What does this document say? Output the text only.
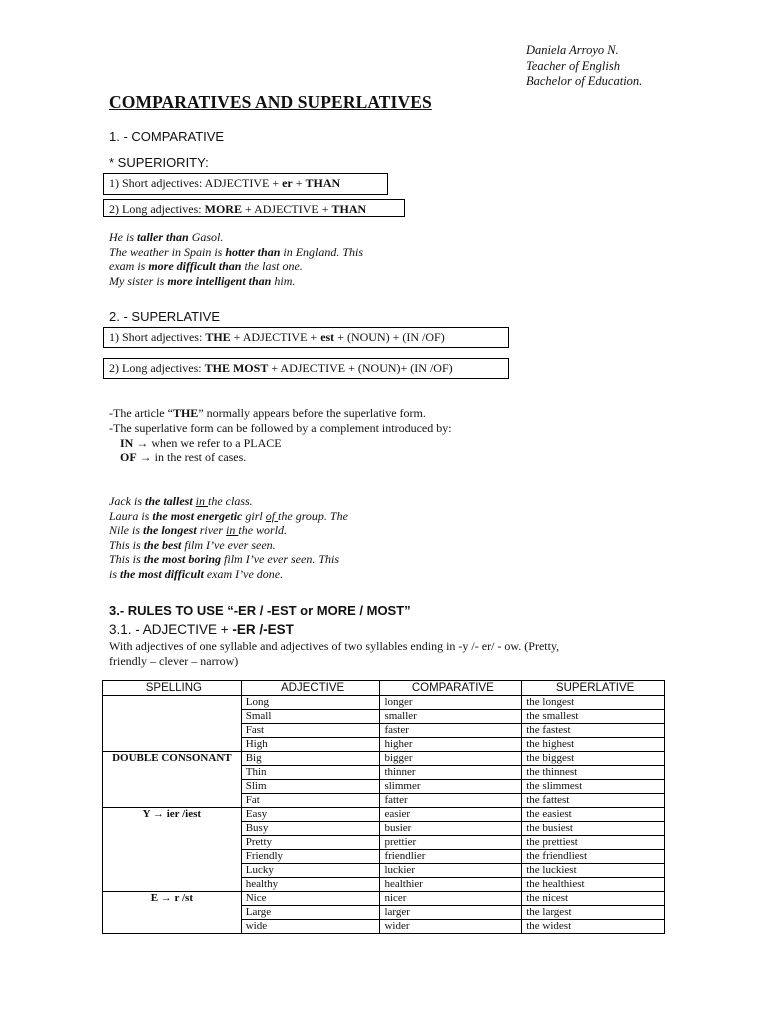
Daniela Arroyo N.
Teacher of English
Bachelor of Education.
COMPARATIVES AND SUPERLATIVES
1. - COMPARATIVE
* SUPERIORITY:
1) Short adjectives: ADJECTIVE + er + THAN
2) Long adjectives: MORE + ADJECTIVE + THAN
He is taller than Gasol.
The weather in Spain is hotter than in England. This
exam is more difficult than the last one.
My sister is more intelligent than him.
2. - SUPERLATIVE
1) Short adjectives: THE + ADJECTIVE + est + (NOUN) + (IN /OF)
2) Long adjectives: THE MOST + ADJECTIVE + (NOUN)+ (IN /OF)
-The article “THE” normally appears before the superlative form.
-The superlative form can be followed by a complement introduced by:
IN → when we refer to a PLACE
OF → in the rest of cases.
Jack is the tallest in the class.
Laura is the most energetic girl of the group. The
Nile is the longest river in the world.
This is the best film I’ve ever seen.
This is the most boring film I’ve ever seen. This
is the most difficult exam I’ve done.
3.- RULES TO USE “-ER / -EST or MORE / MOST”
3.1. - ADJECTIVE + -ER /-EST
With adjectives of one syllable and adjectives of two syllables ending in -y /- er/ - ow. (Pretty,
friendly – clever – narrow)
SPELLING	ADJECTIVE	COMPARATIVE	SUPERLATIVE
	Long	longer	the longest
	Small	smaller	the smallest
	Fast	faster	the fastest
	High	higher	the highest
DOUBLE CONSONANT	Big	bigger	the biggest
	Thin	thinner	the thinnest
	Slim	slimmer	the slimmest
	Fat	fatter	the fattest
Y → ier /iest	Easy	easier	the easiest
	Busy	busier	the busiest
	Pretty	prettier	the prettiest
	Friendly	friendlier	the friendliest
	Lucky	luckier	the luckiest
	healthy	healthier	the healthiest
E → r /st	Nice	nicer	the nicest
	Large	larger	the largest
	wide	wider	the widest
